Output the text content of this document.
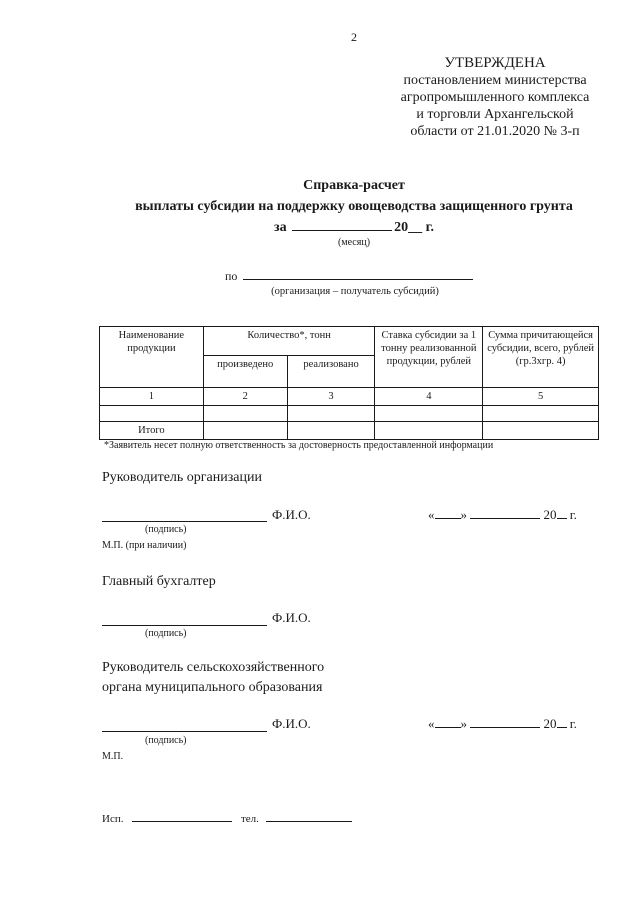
2
УТВЕРЖДЕНА
постановлением министерства
агропромышленного комплекса
и торговли Архангельской
области от 21.01.2020 № 3-п
Справка-расчет
выплаты субсидии на поддержку овощеводства защищенного грунта
за	20__ г.
(месяц)
по
(организация – получатель субсидий)
Наименование продукции	Количество*, тонн		Ставка субсидии за 1 тонну реализованной продукции, рублей	Сумма причитающейся субсидии, всего, рублей (гр.3хгр. 4)
	произведено	реализовано		
1	2	3	4	5

Итого				
*Заявитель несет полную ответственность за достоверность предоставленной информации
Руководитель организации
Ф.И.О.
(подпись)
М.П. (при наличии)
« »	20 г.
Главный бухгалтер
Ф.И.О.
(подпись)
Руководитель сельскохозяйственного
органа муниципального образования
Ф.И.О.
(подпись)
М.П.
« »	20 г.
Исп.	тел.
